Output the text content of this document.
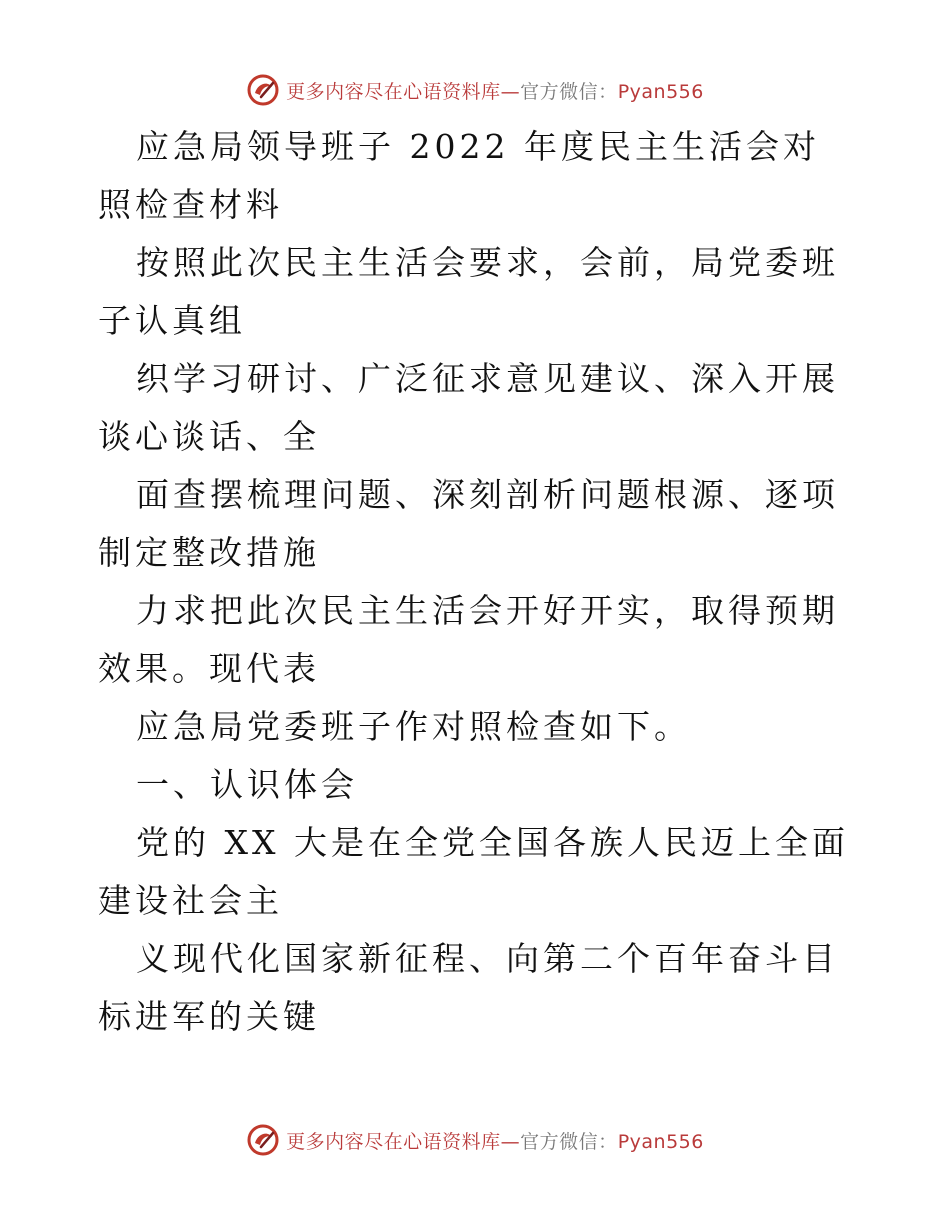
更多内容尽在心语资料库—官方微信：Pyan556

应急局领导班子 2022 年度民主生活会对照检查材料

按照此次民主生活会要求，会前，局党委班子认真组

织学习研讨、广泛征求意见建议、深入开展谈心谈话、全

面查摆梳理问题、深刻剖析问题根源、逐项制定整改措施

力求把此次民主生活会开好开实，取得预期效果。现代表

应急局党委班子作对照检查如下。

一、认识体会

党的 XX 大是在全党全国各族人民迈上全面建设社会主

义现代化国家新征程、向第二个百年奋斗目标进军的关键

更多内容尽在心语资料库—官方微信：Pyan556
